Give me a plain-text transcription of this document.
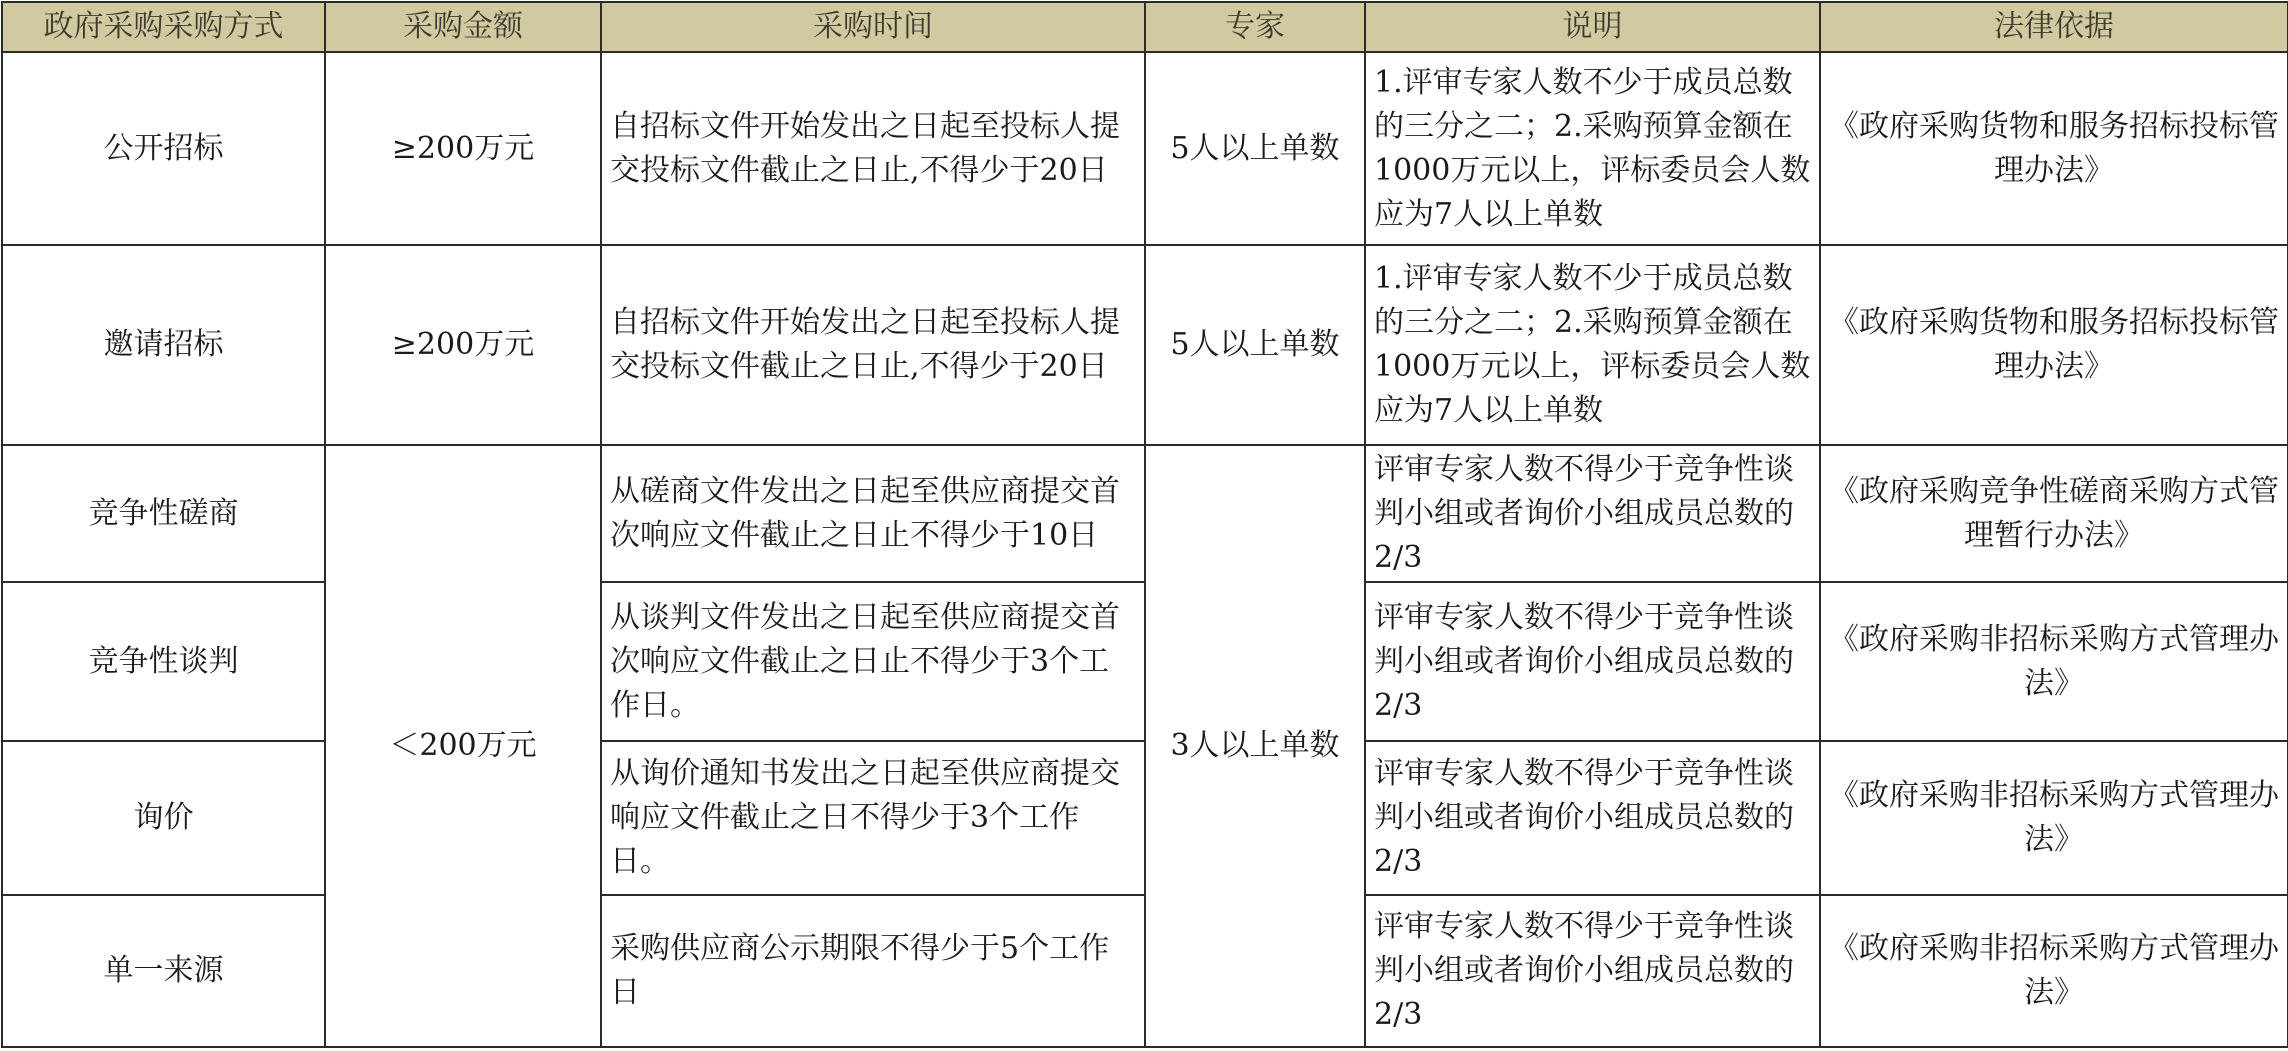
政府采购采购方式	采购金额	采购时间	专家	说明	法律依据
公开招标	≥200万元	自招标文件开始发出之日起至投标人提交投标文件截止之日止,不得少于20日	5人以上单数	1.评审专家人数不少于成员总数的三分之二；2.采购预算金额在1000万元以上，评标委员会人数应为7人以上单数	《政府采购货物和服务招标投标管理办法》
邀请招标	≥200万元	自招标文件开始发出之日起至投标人提交投标文件截止之日止,不得少于20日	5人以上单数	1.评审专家人数不少于成员总数的三分之二；2.采购预算金额在1000万元以上，评标委员会人数应为7人以上单数	《政府采购货物和服务招标投标管理办法》
竞争性磋商	＜200万元	从磋商文件发出之日起至供应商提交首次响应文件截止之日止不得少于10日	3人以上单数	评审专家人数不得少于竞争性谈判小组或者询价小组成员总数的2/3	《政府采购竞争性磋商采购方式管理暂行办法》
竞争性谈判		从谈判文件发出之日起至供应商提交首次响应文件截止之日止不得少于3个工作日。		评审专家人数不得少于竞争性谈判小组或者询价小组成员总数的2/3	《政府采购非招标采购方式管理办法》
询价		从询价通知书发出之日起至供应商提交响应文件截止之日不得少于3个工作日。		评审专家人数不得少于竞争性谈判小组或者询价小组成员总数的2/3	《政府采购非招标采购方式管理办法》
单一来源		采购供应商公示期限不得少于5个工作日		评审专家人数不得少于竞争性谈判小组或者询价小组成员总数的2/3	《政府采购非招标采购方式管理办法》
